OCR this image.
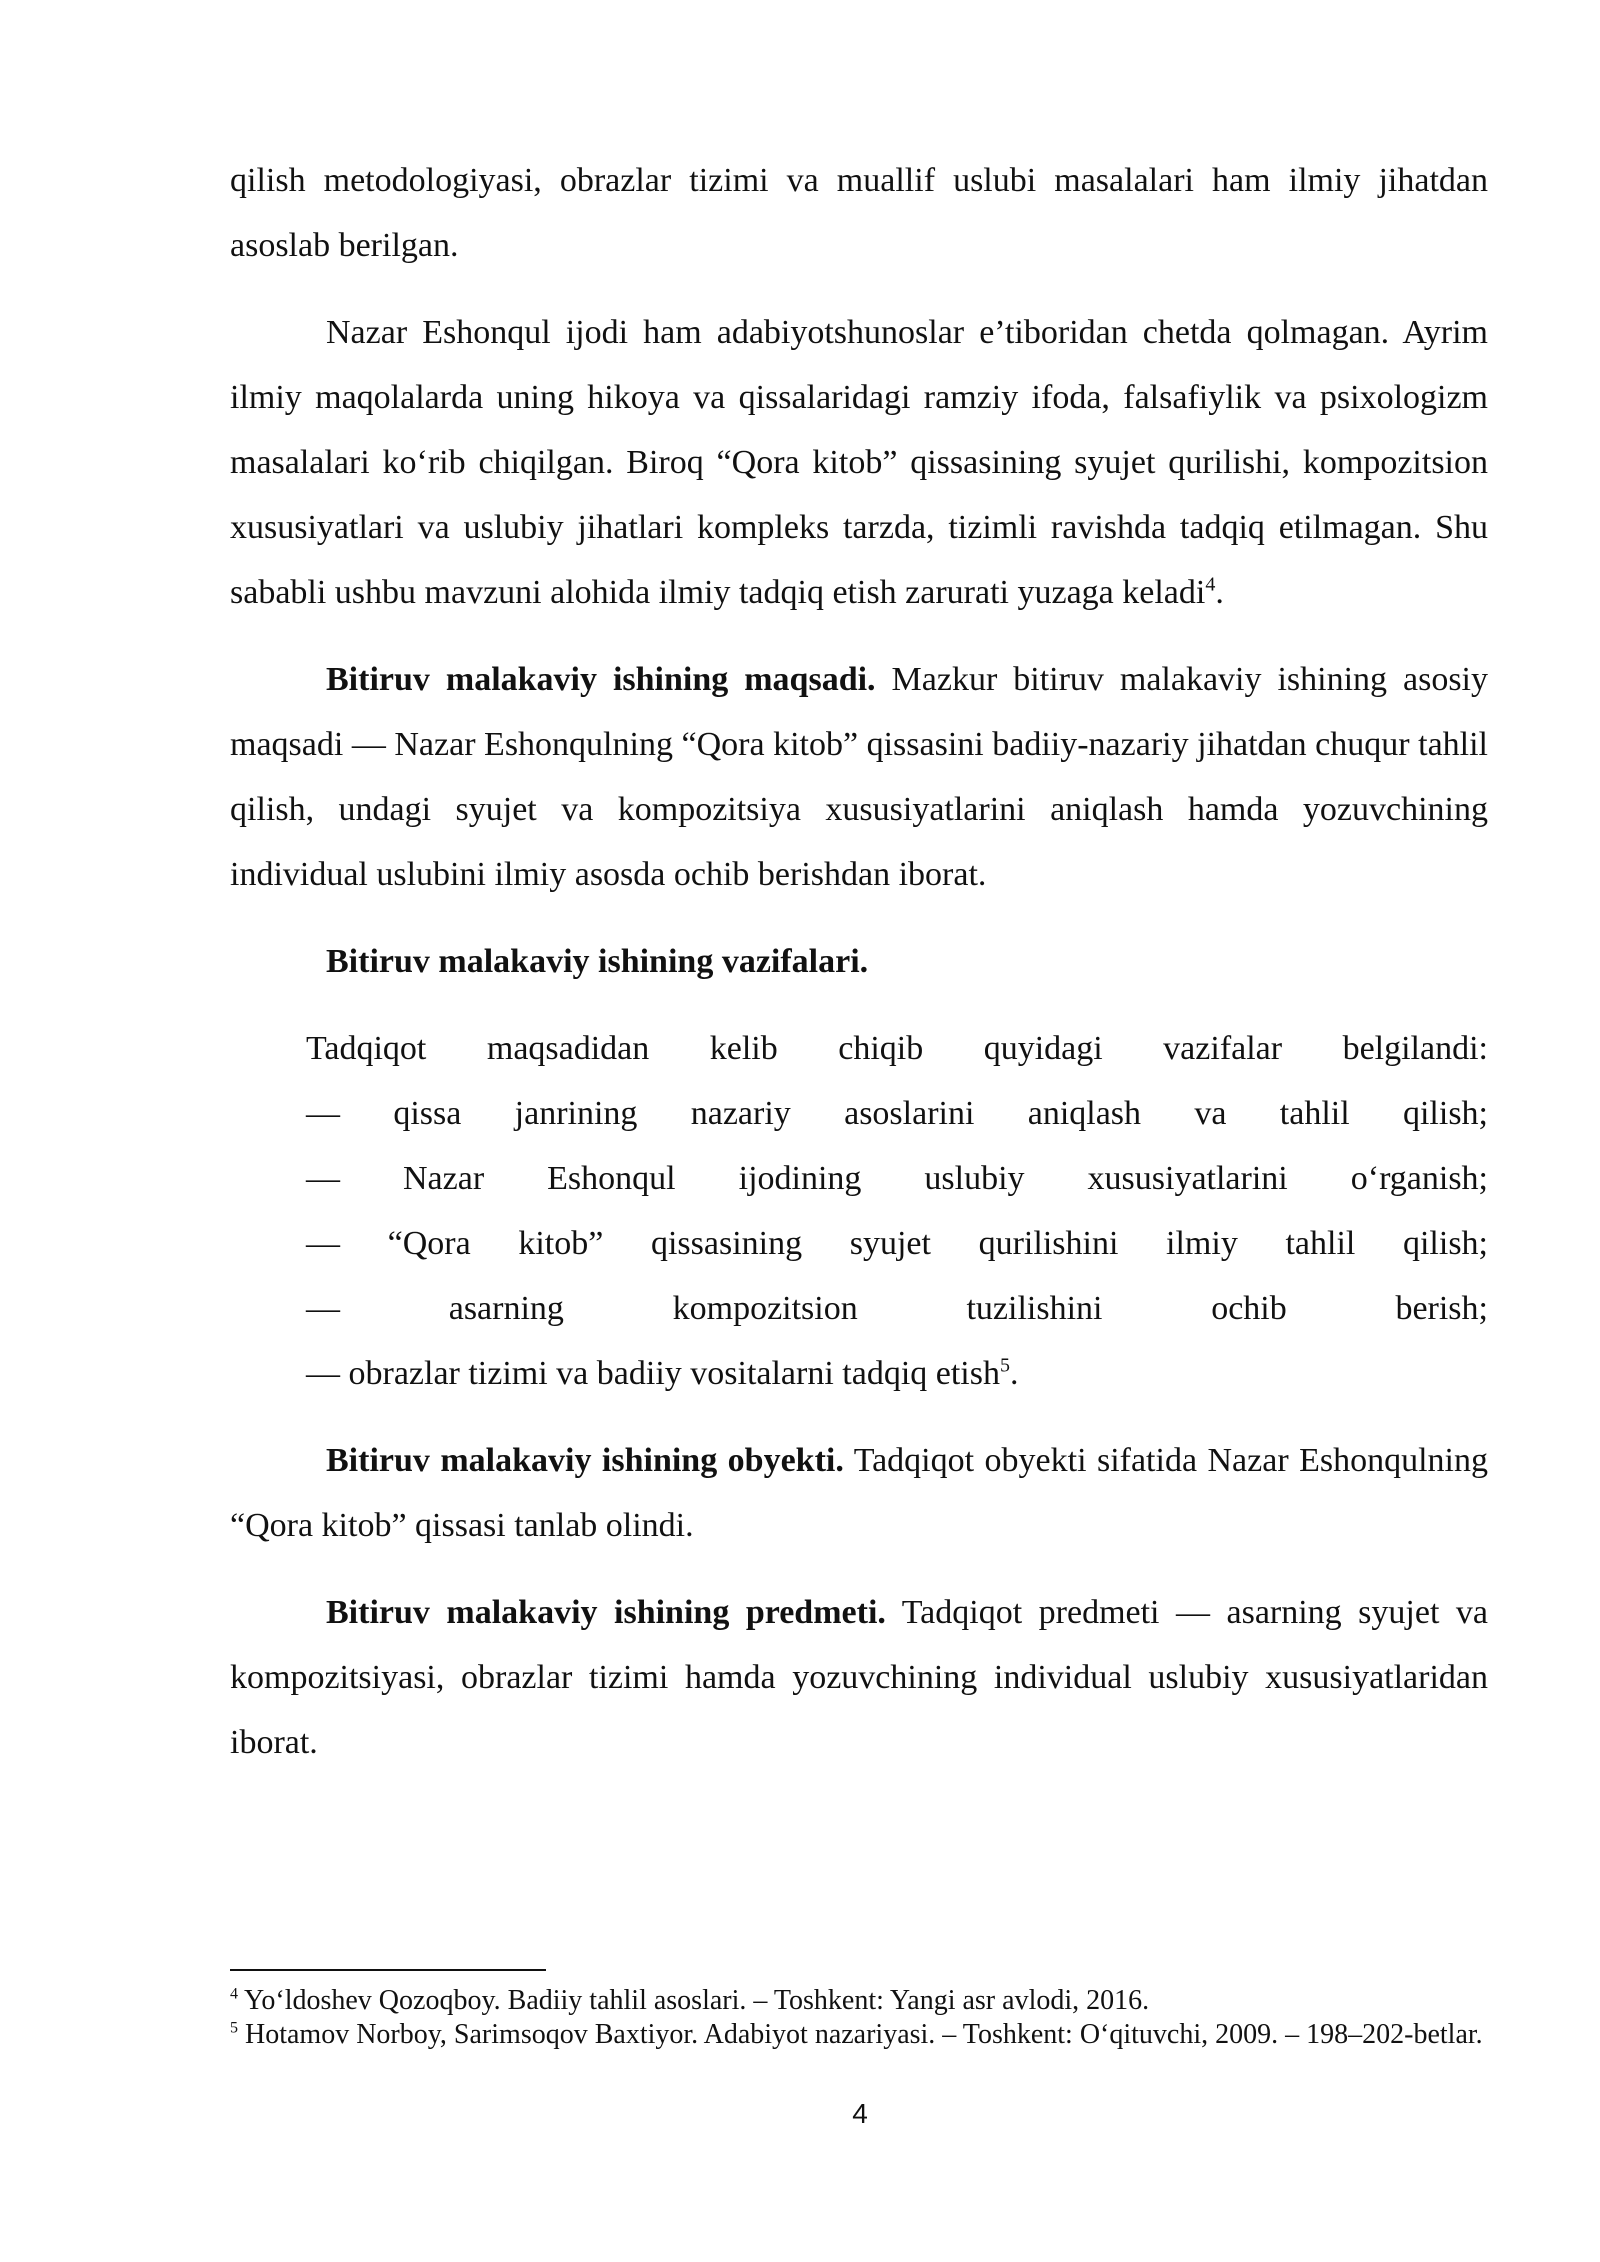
qilish metodologiyasi, obrazlar tizimi va muallif uslubi masalalari ham ilmiy jihatdan asoslab berilgan.

Nazar Eshonqul ijodi ham adabiyotshunoslar e’tiboridan chetda qolmagan. Ayrim ilmiy maqolalarda uning hikoya va qissalaridagi ramziy ifoda, falsafiylik va psixologizm masalalari ko‘rib chiqilgan. Biroq “Qora kitob” qissasining syujet qurilishi, kompozitsion xususiyatlari va uslubiy jihatlari kompleks tarzda, tizimli ravishda tadqiq etilmagan. Shu sababli ushbu mavzuni alohida ilmiy tadqiq etish zarurati yuzaga keladi$^4$.

Bitiruv malakaviy ishining maqsadi. Mazkur bitiruv malakaviy ishining asosiy maqsadi — Nazar Eshonqulning “Qora kitob” qissasini badiiy-nazariy jihatdan chuqur tahlil qilish, undagi syujet va kompozitsiya xususiyatlarini aniqlash hamda yozuvchining individual uslubini ilmiy asosda ochib berishdan iborat.

Bitiruv malakaviy ishining vazifalari.

Tadqiqot maqsadidan kelib chiqib quyidagi vazifalar belgilandi:
— qissa janrining nazariy asoslarini aniqlash va tahlil qilish;
— Nazar Eshonqul ijodining uslubiy xususiyatlarini o‘rganish;
— “Qora kitob” qissasining syujet qurilishini ilmiy tahlil qilish;
— asarning kompozitsion tuzilishini ochib berish;
— obrazlar tizimi va badiiy vositalarni tadqiq etish$^5$.

Bitiruv malakaviy ishining obyekti. Tadqiqot obyekti sifatida Nazar Eshonqulning “Qora kitob” qissasi tanlab olindi.

Bitiruv malakaviy ishining predmeti. Tadqiqot predmeti — asarning syujet va kompozitsiyasi, obrazlar tizimi hamda yozuvchining individual uslubiy xususiyatlaridan iborat.

$^4$ Yo‘ldoshev Qozoqboy. Badiiy tahlil asoslari. – Toshkent: Yangi asr avlodi, 2016.

$^5$ Hotamov Norboy, Sarimsoqov Baxtiyor. Adabiyot nazariyasi. – Toshkent: O‘qituvchi, 2009. – 198–202-betlar.

4
